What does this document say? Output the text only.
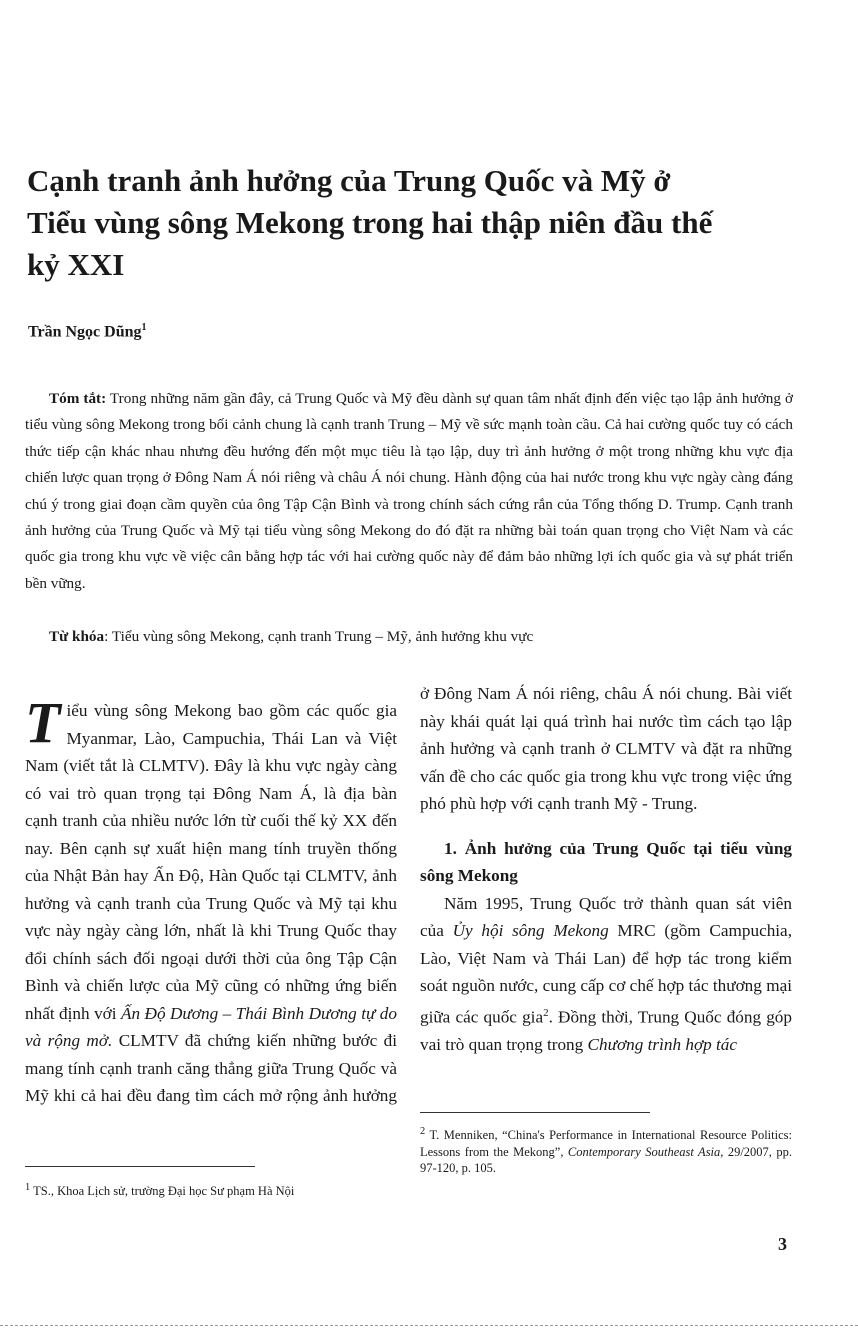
Cạnh tranh ảnh hưởng của Trung Quốc và Mỹ ở Tiểu vùng sông Mekong trong hai thập niên đầu thế kỷ XXI

Trần Ngọc Dũng$^1$

Tóm tắt: Trong những năm gần đây, cả Trung Quốc và Mỹ đều dành sự quan tâm nhất định đến việc tạo lập ảnh hưởng ở tiểu vùng sông Mekong trong bối cảnh chung là cạnh tranh Trung – Mỹ về sức mạnh toàn cầu. Cả hai cường quốc tuy có cách thức tiếp cận khác nhau nhưng đều hướng đến một mục tiêu là tạo lập, duy trì ảnh hưởng ở một trong những khu vực địa chiến lược quan trọng ở Đông Nam Á nói riêng và châu Á nói chung. Hành động của hai nước trong khu vực ngày càng đáng chú ý trong giai đoạn cầm quyền của ông Tập Cận Bình và trong chính sách cứng rắn của Tổng thống D. Trump. Cạnh tranh ảnh hưởng của Trung Quốc và Mỹ tại tiểu vùng sông Mekong do đó đặt ra những bài toán quan trọng cho Việt Nam và các quốc gia trong khu vực về việc cân bằng hợp tác với hai cường quốc này để đảm bảo những lợi ích quốc gia và sự phát triển bền vững.

Từ khóa: Tiểu vùng sông Mekong, cạnh tranh Trung – Mỹ, ảnh hưởng khu vực

$^1$ TS., Khoa Lịch sử, trường Đại học Sư phạm Hà Nội

$^2$ T. Menniken, “China's Performance in International Resource Politics: Lessons from the Mekong”, Contemporary Southeast Asia, 29/2007, pp. 97-120, p. 105.

3

Tiểu vùng sông Mekong bao gồm các quốc gia Myanmar, Lào, Campuchia, Thái Lan và Việt Nam (viết tắt là CLMTV). Đây là khu vực ngày càng có vai trò quan trọng tại Đông Nam Á, là địa bàn cạnh tranh của nhiều nước lớn từ cuối thế kỷ XX đến nay. Bên cạnh sự xuất hiện mang tính truyền thống của Nhật Bản hay Ấn Độ, Hàn Quốc tại CLMTV, ảnh hưởng và cạnh tranh của Trung Quốc và Mỹ tại khu vực này ngày càng lớn, nhất là khi Trung Quốc thay đổi chính sách đối ngoại dưới thời của ông Tập Cận Bình và chiến lược của Mỹ cũng có những ứng biến nhất định với Ấn Độ Dương – Thái Bình Dương tự do và rộng mở. CLMTV đã chứng kiến những bước đi mang tính cạnh tranh căng thẳng giữa Trung Quốc và Mỹ khi cả hai đều đang tìm cách mở rộng ảnh hưởng ở Đông Nam Á nói riêng, châu Á nói chung. Bài viết này khái quát lại quá trình hai nước tìm cách tạo lập ảnh hưởng và cạnh tranh ở CLMTV và đặt ra những vấn đề cho các quốc gia trong khu vực trong việc ứng phó phù hợp với cạnh tranh Mỹ - Trung.

1. Ảnh hưởng của Trung Quốc tại tiểu vùng sông Mekong

Năm 1995, Trung Quốc trở thành quan sát viên của Ủy hội sông Mekong MRC (gồm Campuchia, Lào, Việt Nam và Thái Lan) để hợp tác trong kiểm soát nguồn nước, cung cấp cơ chế hợp tác thương mại giữa các quốc gia$^2$. Đồng thời, Trung Quốc đóng góp vai trò quan trọng trong Chương trình hợp tác
